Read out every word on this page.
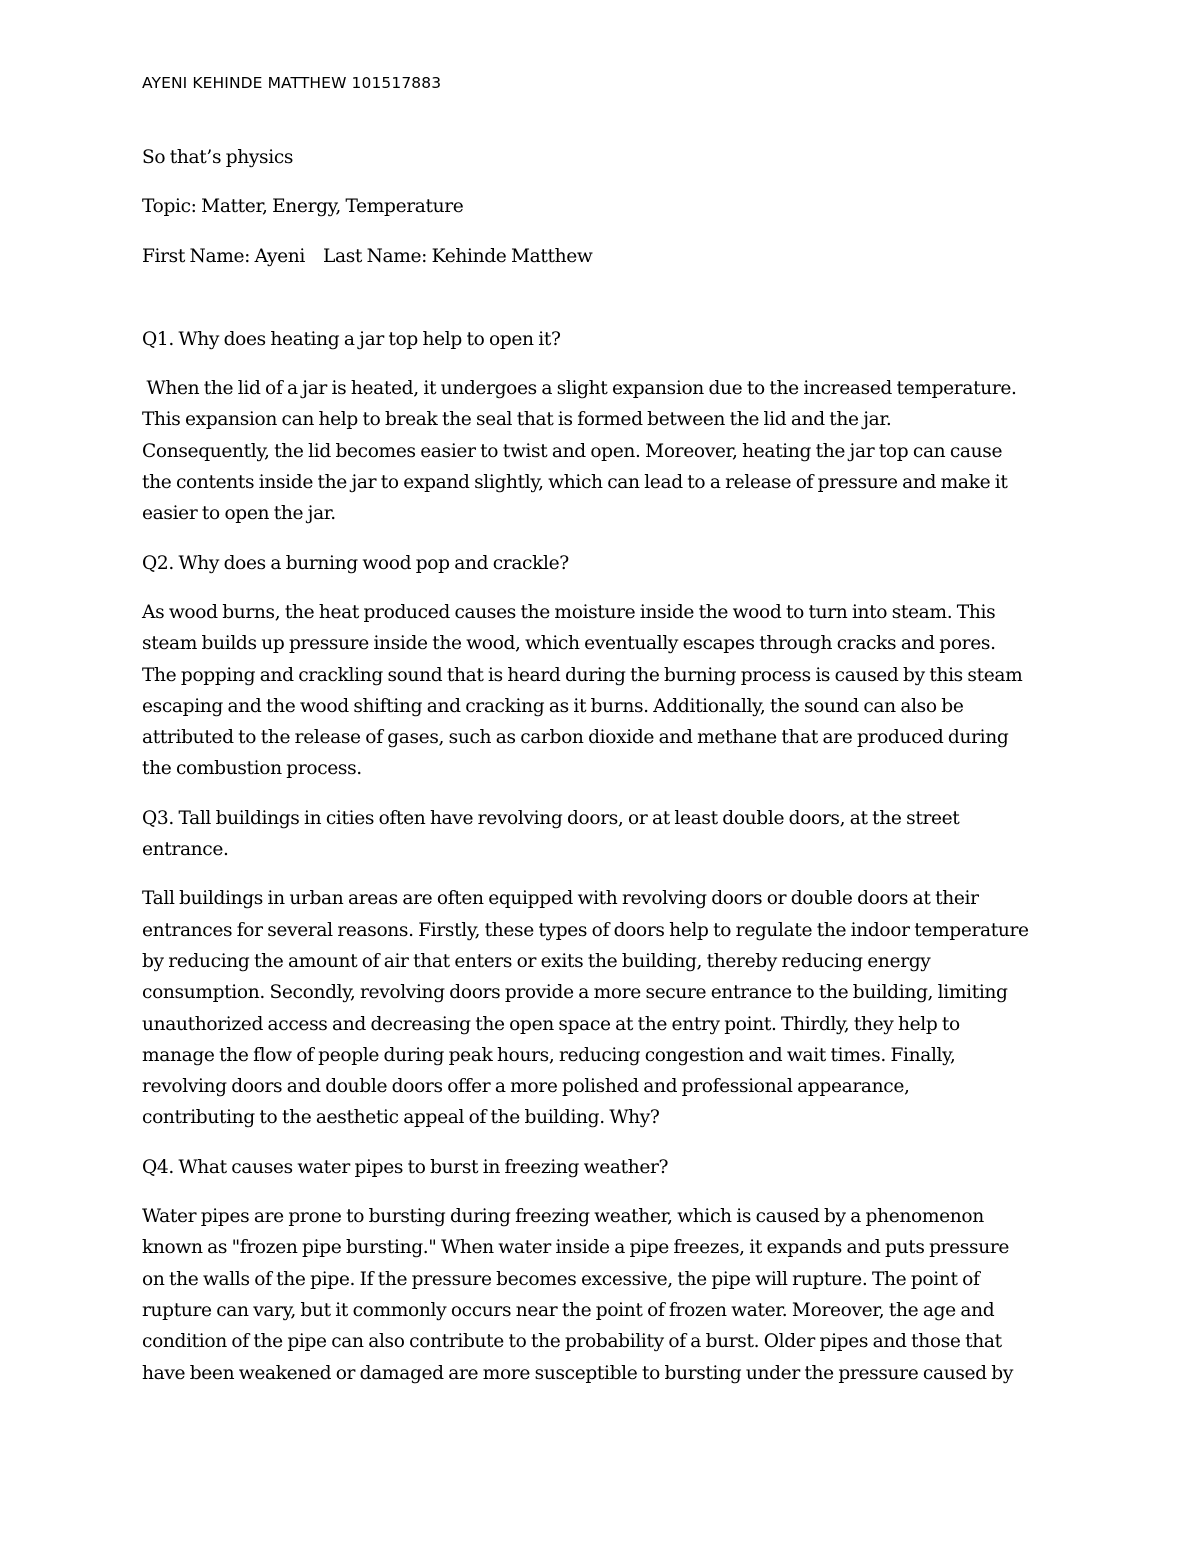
AYENI KEHINDE MATTHEW 101517883
So that’s physics
Topic: Matter, Energy, Temperature
First Name: Ayeni Last Name: Kehinde Matthew
Q1. Why does heating a jar top help to open it?
When the lid of a jar is heated, it undergoes a slight expansion due to the increased temperature.
This expansion can help to break the seal that is formed between the lid and the jar.
Consequently, the lid becomes easier to twist and open. Moreover, heating the jar top can cause
the contents inside the jar to expand slightly, which can lead to a release of pressure and make it
easier to open the jar.
Q2. Why does a burning wood pop and crackle?
As wood burns, the heat produced causes the moisture inside the wood to turn into steam. This
steam builds up pressure inside the wood, which eventually escapes through cracks and pores.
The popping and crackling sound that is heard during the burning process is caused by this steam
escaping and the wood shifting and cracking as it burns. Additionally, the sound can also be
attributed to the release of gases, such as carbon dioxide and methane that are produced during
the combustion process.
Q3. Tall buildings in cities often have revolving doors, or at least double doors, at the street
entrance.
Tall buildings in urban areas are often equipped with revolving doors or double doors at their
entrances for several reasons. Firstly, these types of doors help to regulate the indoor temperature
by reducing the amount of air that enters or exits the building, thereby reducing energy
consumption. Secondly, revolving doors provide a more secure entrance to the building, limiting
unauthorized access and decreasing the open space at the entry point. Thirdly, they help to
manage the flow of people during peak hours, reducing congestion and wait times. Finally,
revolving doors and double doors offer a more polished and professional appearance,
contributing to the aesthetic appeal of the building. Why?
Q4. What causes water pipes to burst in freezing weather?
Water pipes are prone to bursting during freezing weather, which is caused by a phenomenon
known as "frozen pipe bursting." When water inside a pipe freezes, it expands and puts pressure
on the walls of the pipe. If the pressure becomes excessive, the pipe will rupture. The point of
rupture can vary, but it commonly occurs near the point of frozen water. Moreover, the age and
condition of the pipe can also contribute to the probability of a burst. Older pipes and those that
have been weakened or damaged are more susceptible to bursting under the pressure caused by
